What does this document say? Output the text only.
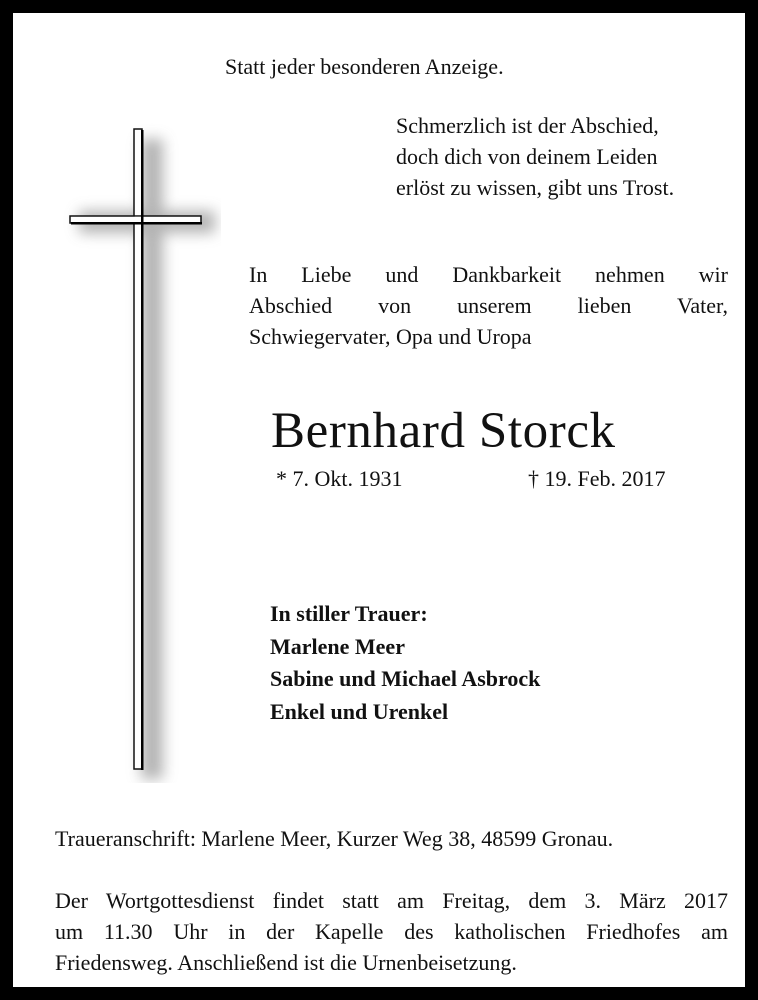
Statt jeder besonderen Anzeige.
Schmerzlich ist der Abschied,
doch dich von deinem Leiden
erlöst zu wissen, gibt uns Trost.
In Liebe und Dankbarkeit nehmen wir
Abschied von unserem lieben Vater,
Schwiegervater, Opa und Uropa
Bernhard Storck
* 7. Okt. 1931	† 19. Feb. 2017
In stiller Trauer:
Marlene Meer
Sabine und Michael Asbrock
Enkel und Urenkel
Traueranschrift: Marlene Meer, Kurzer Weg 38, 48599 Gronau.
Der Wortgottesdienst findet statt am Freitag, dem 3. März 2017
um 11.30 Uhr in der Kapelle des katholischen Friedhofes am
Friedensweg. Anschließend ist die Urnenbeisetzung.
